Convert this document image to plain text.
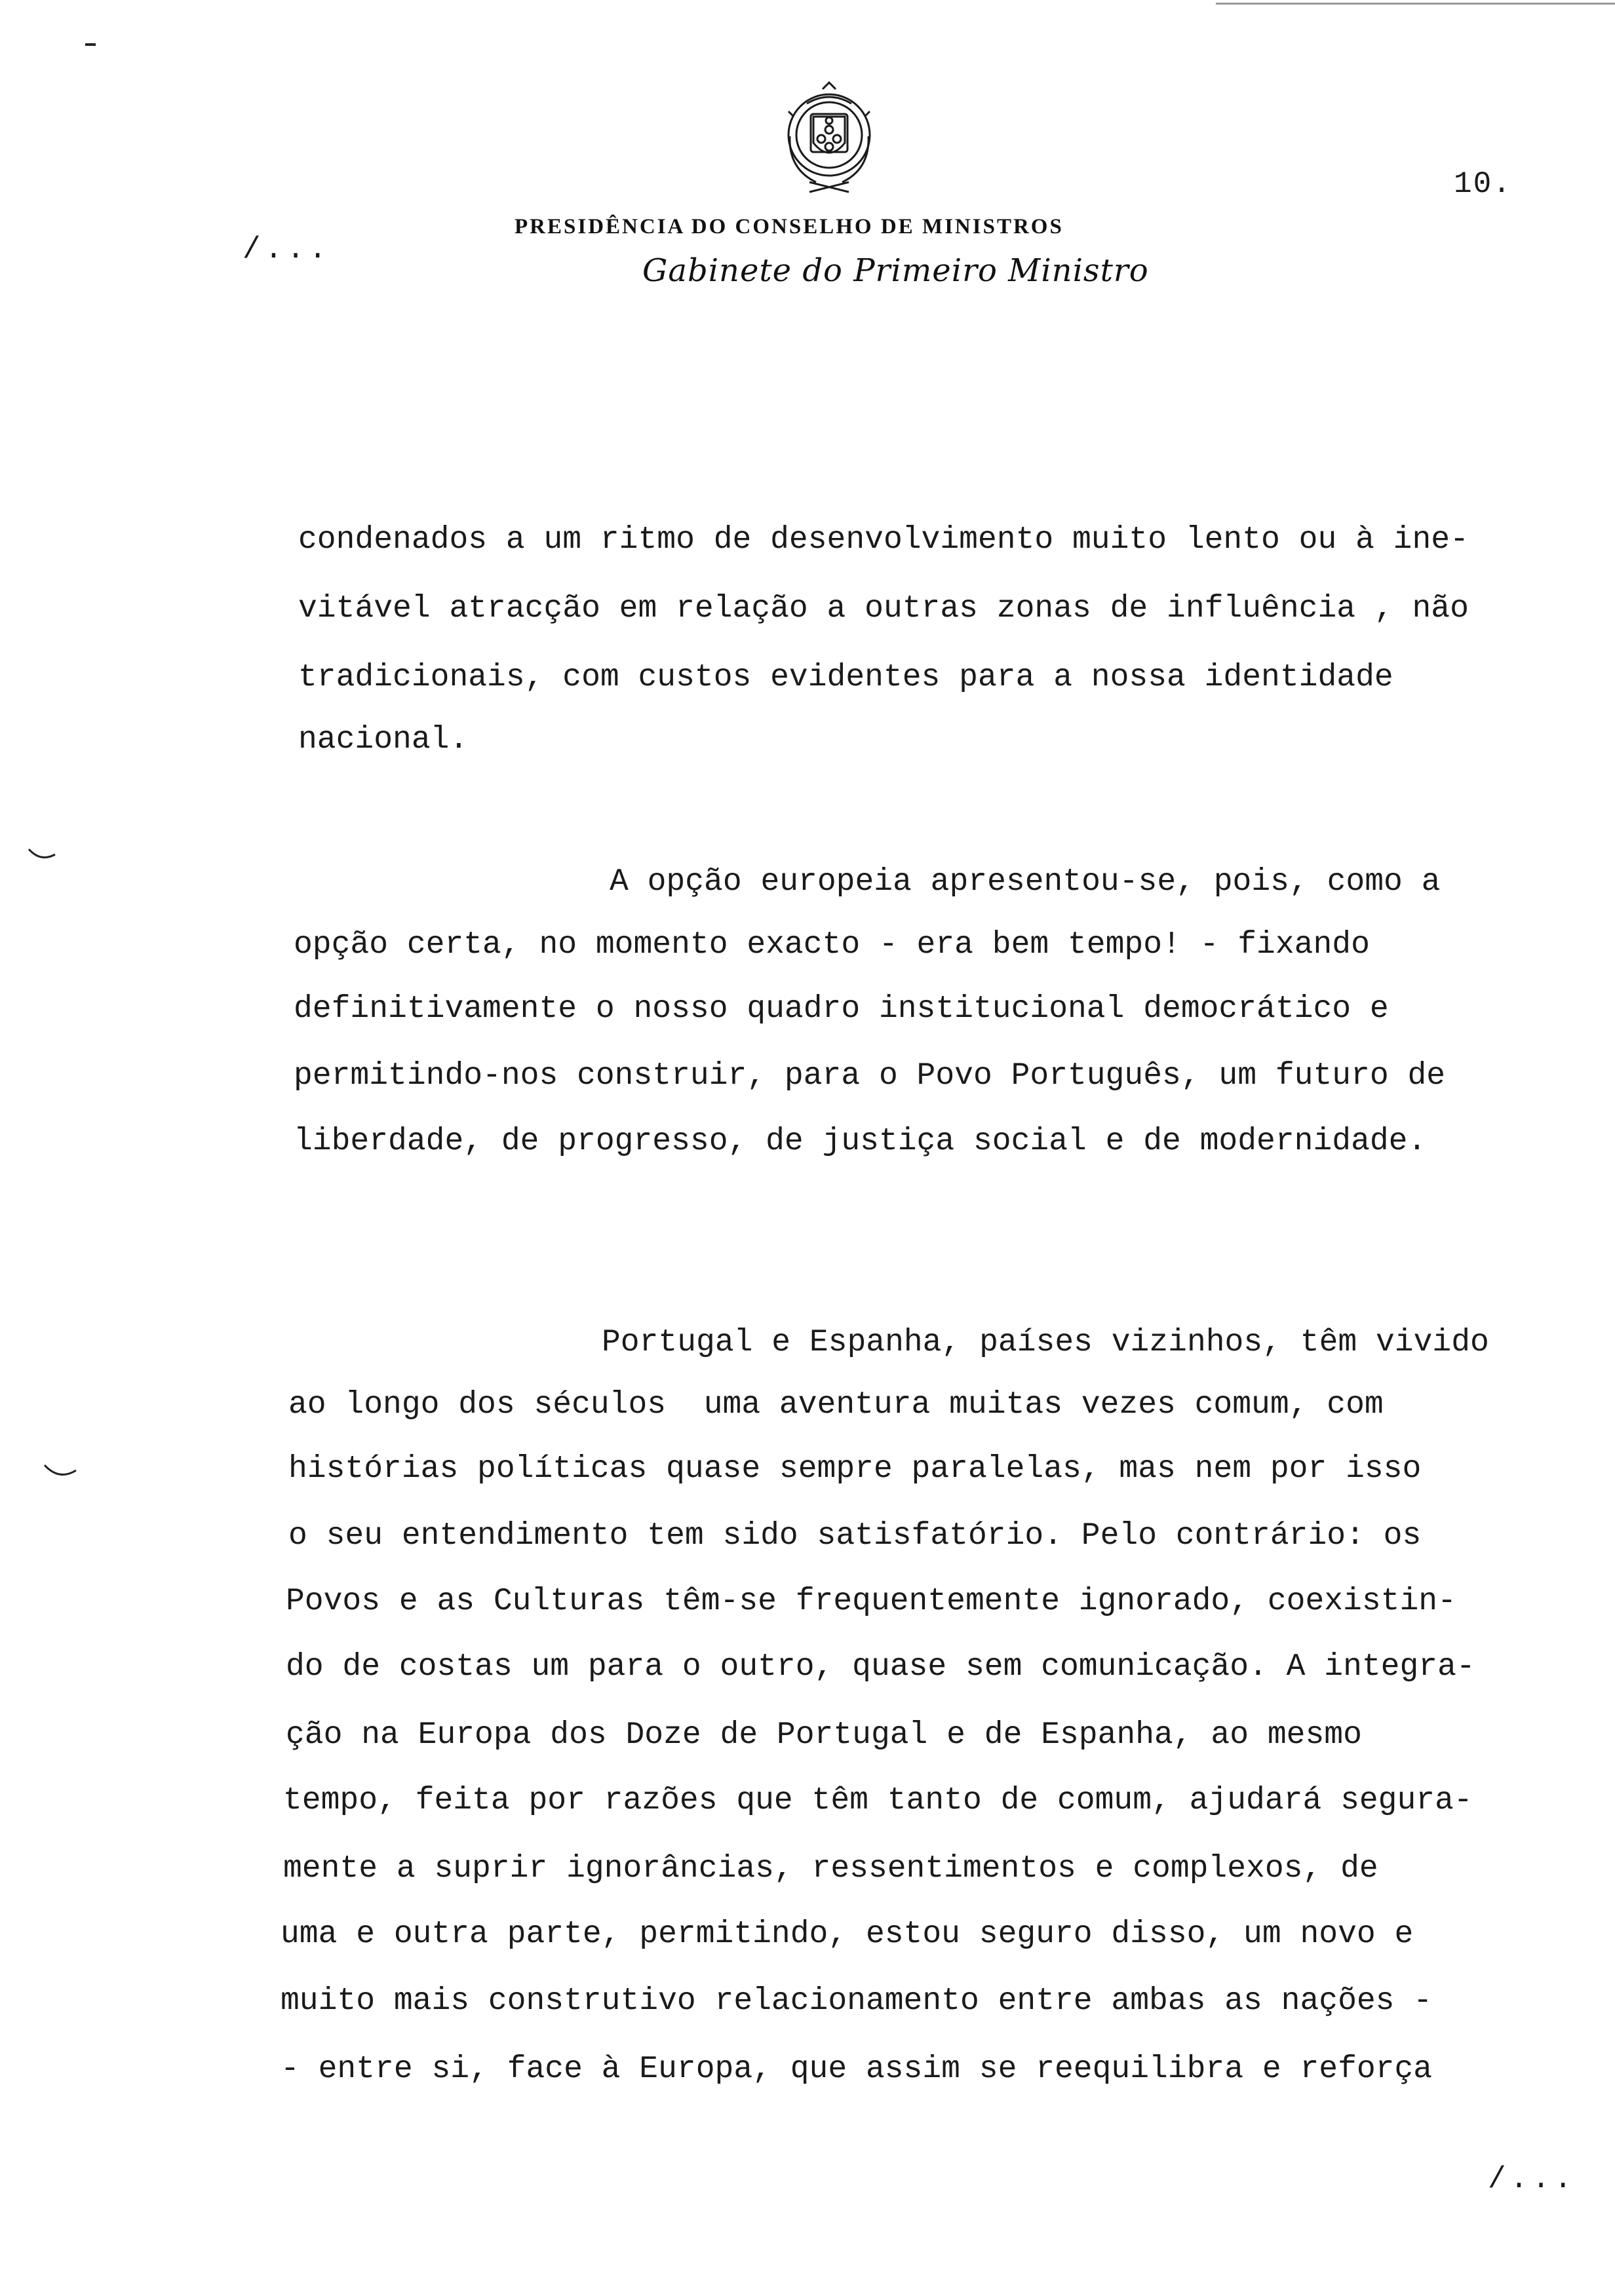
PRESIDÊNCIA DO CONSELHO DE MINISTROS
Gabinete do Primeiro Ministro
10.
/...
condenados a um ritmo de desenvolvimento muito lento ou à ine-
vitável atracção em relação a outras zonas de influência , não
tradicionais, com custos evidentes para a nossa identidade
nacional.
A opção europeia apresentou-se, pois, como a
opção certa, no momento exacto - era bem tempo! - fixando
definitivamente o nosso quadro institucional democrático e
permitindo-nos construir, para o Povo Português, um futuro de
liberdade, de progresso, de justiça social e de modernidade.
Portugal e Espanha, países vizinhos, têm vivido
ao longo dos séculos  uma aventura muitas vezes comum, com
histórias políticas quase sempre paralelas, mas nem por isso
o seu entendimento tem sido satisfatório. Pelo contrário: os
Povos e as Culturas têm-se frequentemente ignorado, coexistin-
do de costas um para o outro, quase sem comunicação. A integra-
ção na Europa dos Doze de Portugal e de Espanha, ao mesmo
tempo, feita por razões que têm tanto de comum, ajudará segura-
mente a suprir ignorâncias, ressentimentos e complexos, de
uma e outra parte, permitindo, estou seguro disso, um novo e
muito mais construtivo relacionamento entre ambas as nações -
- entre si, face à Europa, que assim se reequilibra e reforça
/...
